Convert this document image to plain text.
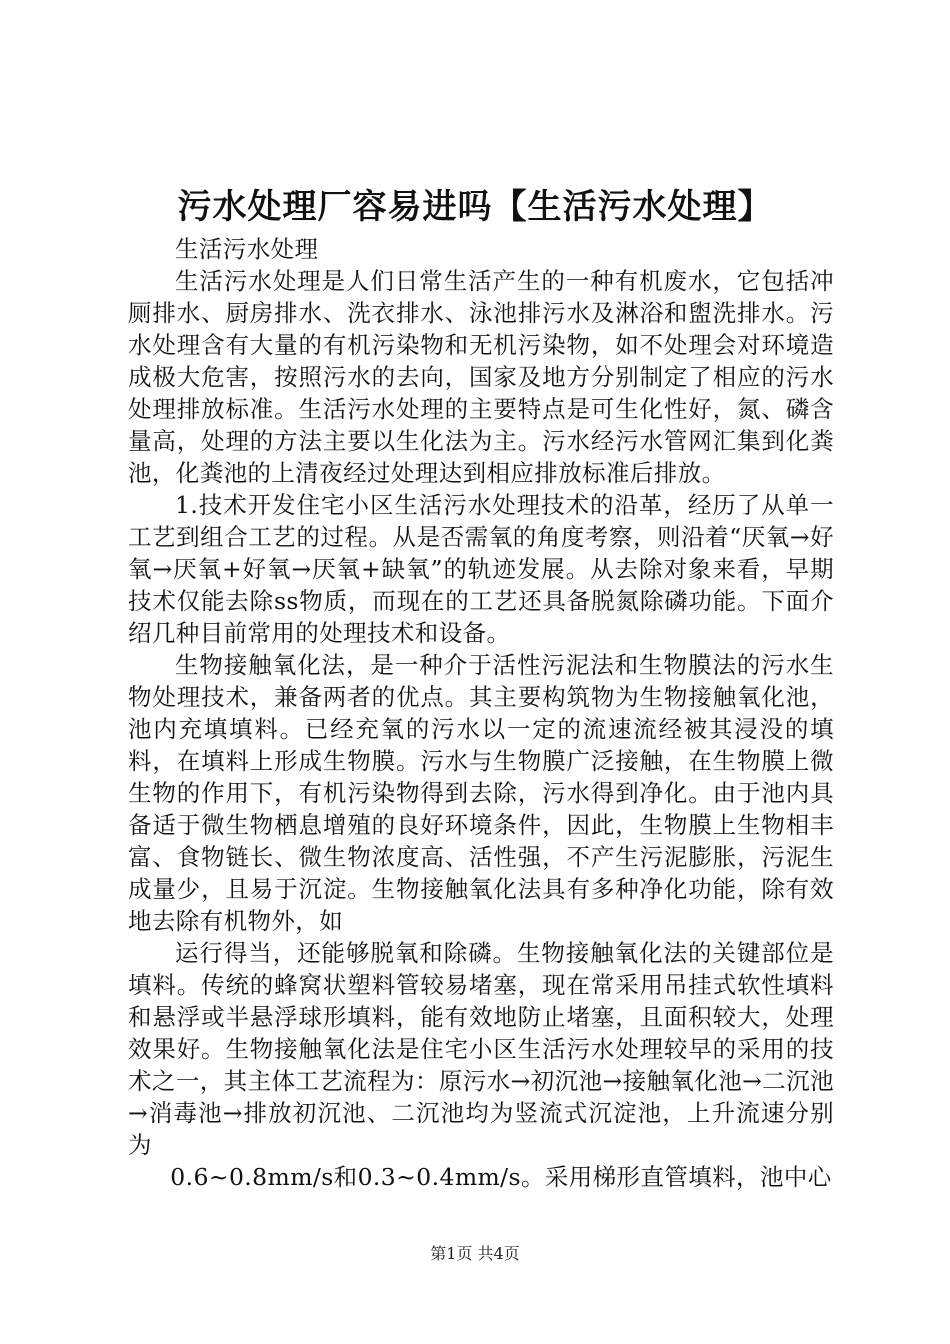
污水处理厂容易进吗【生活污水处理】

生活污水处理

生活污水处理是人们日常生活产生的一种有机废水，它包括冲厕排水、厨房排水、洗衣排水、泳池排污水及淋浴和盥洗排水。污水处理含有大量的有机污染物和无机污染物，如不处理会对环境造成极大危害，按照污水的去向，国家及地方分别制定了相应的污水处理排放标准。生活污水处理的主要特点是可生化性好，氮、磷含量高，处理的方法主要以生化法为主。污水经污水管网汇集到化粪池，化粪池的上清夜经过处理达到相应排放标准后排放。

1.技术开发住宅小区生活污水处理技术的沿革，经历了从单一工艺到组合工艺的过程。从是否需氧的角度考察，则沿着“厌氧→好氧→厌氧+好氧→厌氧+缺氧”的轨迹发展。从去除对象来看，早期技术仅能去除ss物质，而现在的工艺还具备脱氮除磷功能。下面介绍几种目前常用的处理技术和设备。

生物接触氧化法，是一种介于活性污泥法和生物膜法的污水生物处理技术，兼备两者的优点。其主要构筑物为生物接触氧化池，池内充填填料。已经充氧的污水以一定的流速流经被其浸没的填料，在填料上形成生物膜。污水与生物膜广泛接触，在生物膜上微生物的作用下，有机污染物得到去除，污水得到净化。由于池内具备适于微生物栖息增殖的良好环境条件，因此，生物膜上生物相丰富、食物链长、微生物浓度高、活性强，不产生污泥膨胀，污泥生成量少，且易于沉淀。生物接触氧化法具有多种净化功能，除有效地去除有机物外，如

运行得当，还能够脱氧和除磷。生物接触氧化法的关键部位是填料。传统的蜂窝状塑料管较易堵塞，现在常采用吊挂式软性填料和悬浮或半悬浮球形填料，能有效地防止堵塞，且面积较大，处理效果好。生物接触氧化法是住宅小区生活污水处理较早的采用的技术之一，其主体工艺流程为：原污水→初沉池→接触氧化池→二沉池→消毒池→排放初沉池、二沉池均为竖流式沉淀池，上升流速分别为

0.6~0.8mm/s和0.3~0.4mm/s。采用梯形直管填料，池中心

第1页 共4页
